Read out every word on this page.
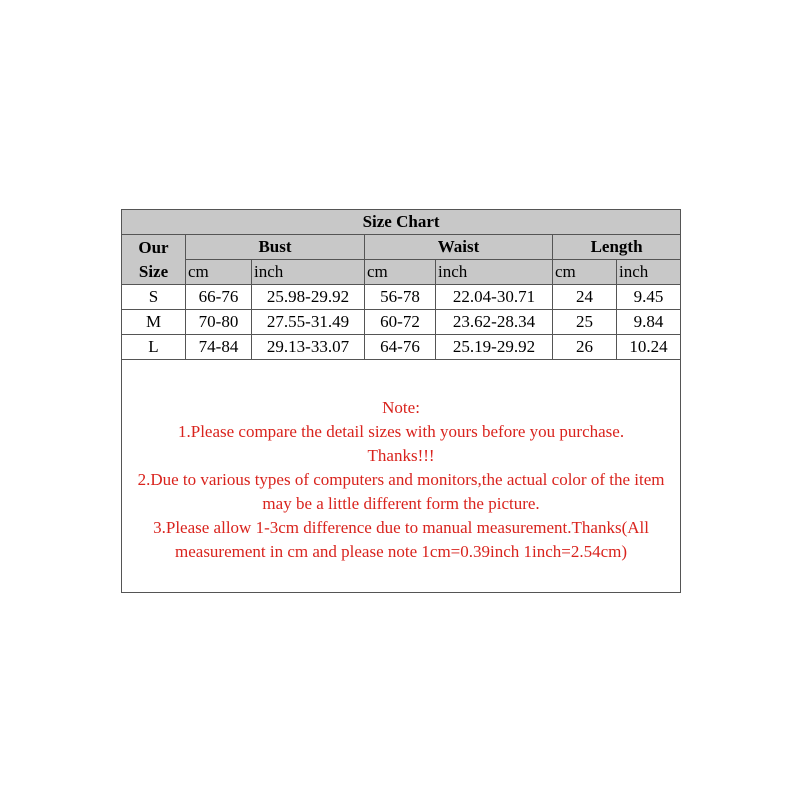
Size Chart						

Our
Size	Bust		Waist		Length	
	cm	inch	cm	inch	cm	inch
S	66-76	25.98-29.92	56-78	22.04-30.71	24	9.45
M	70-80	27.55-31.49	60-72	23.62-28.34	25	9.84
L	74-84	29.13-33.07	64-76	25.19-29.92	26	10.24

Note:

1.Please compare the detail sizes with yours before you purchase.

Thanks!!!

2.Due to various types of computers and monitors,the actual color of the item may be a little different form the picture.

3.Please allow 1-3cm difference due to manual measurement.Thanks(All measurement in cm and please note 1cm=0.39inch 1inch=2.54cm)						
